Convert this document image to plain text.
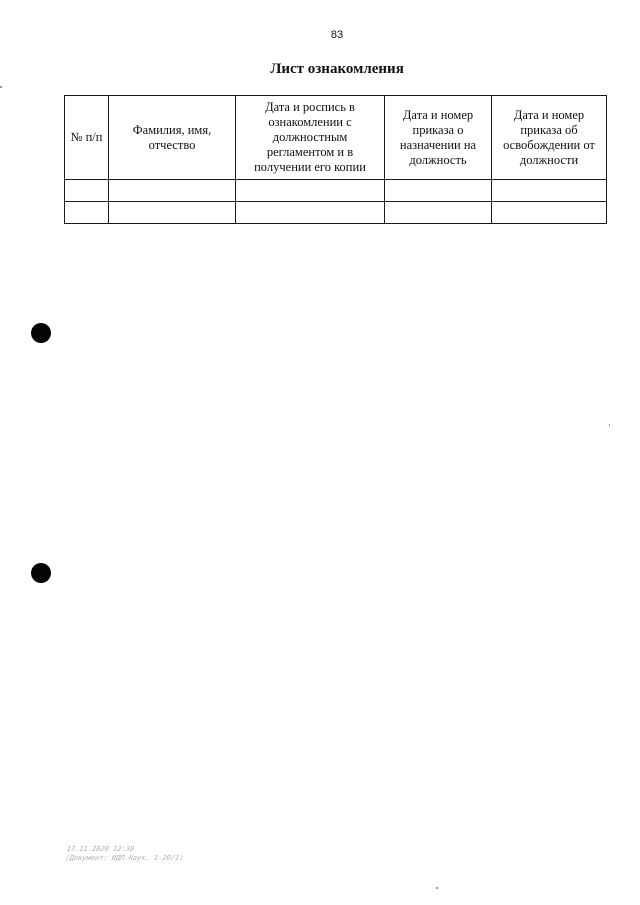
83
Лист ознакомления
№ п/п	Фамилия, имя, отчество	Дата и роспись в ознакомлении с должностным регламентом и в получении его копии	Дата и номер приказа о назначении на должность	Дата и номер приказа об освобождении от должности

17.11.2020 12:30
(Документ: ИДП.Наук. 1-20/1)
